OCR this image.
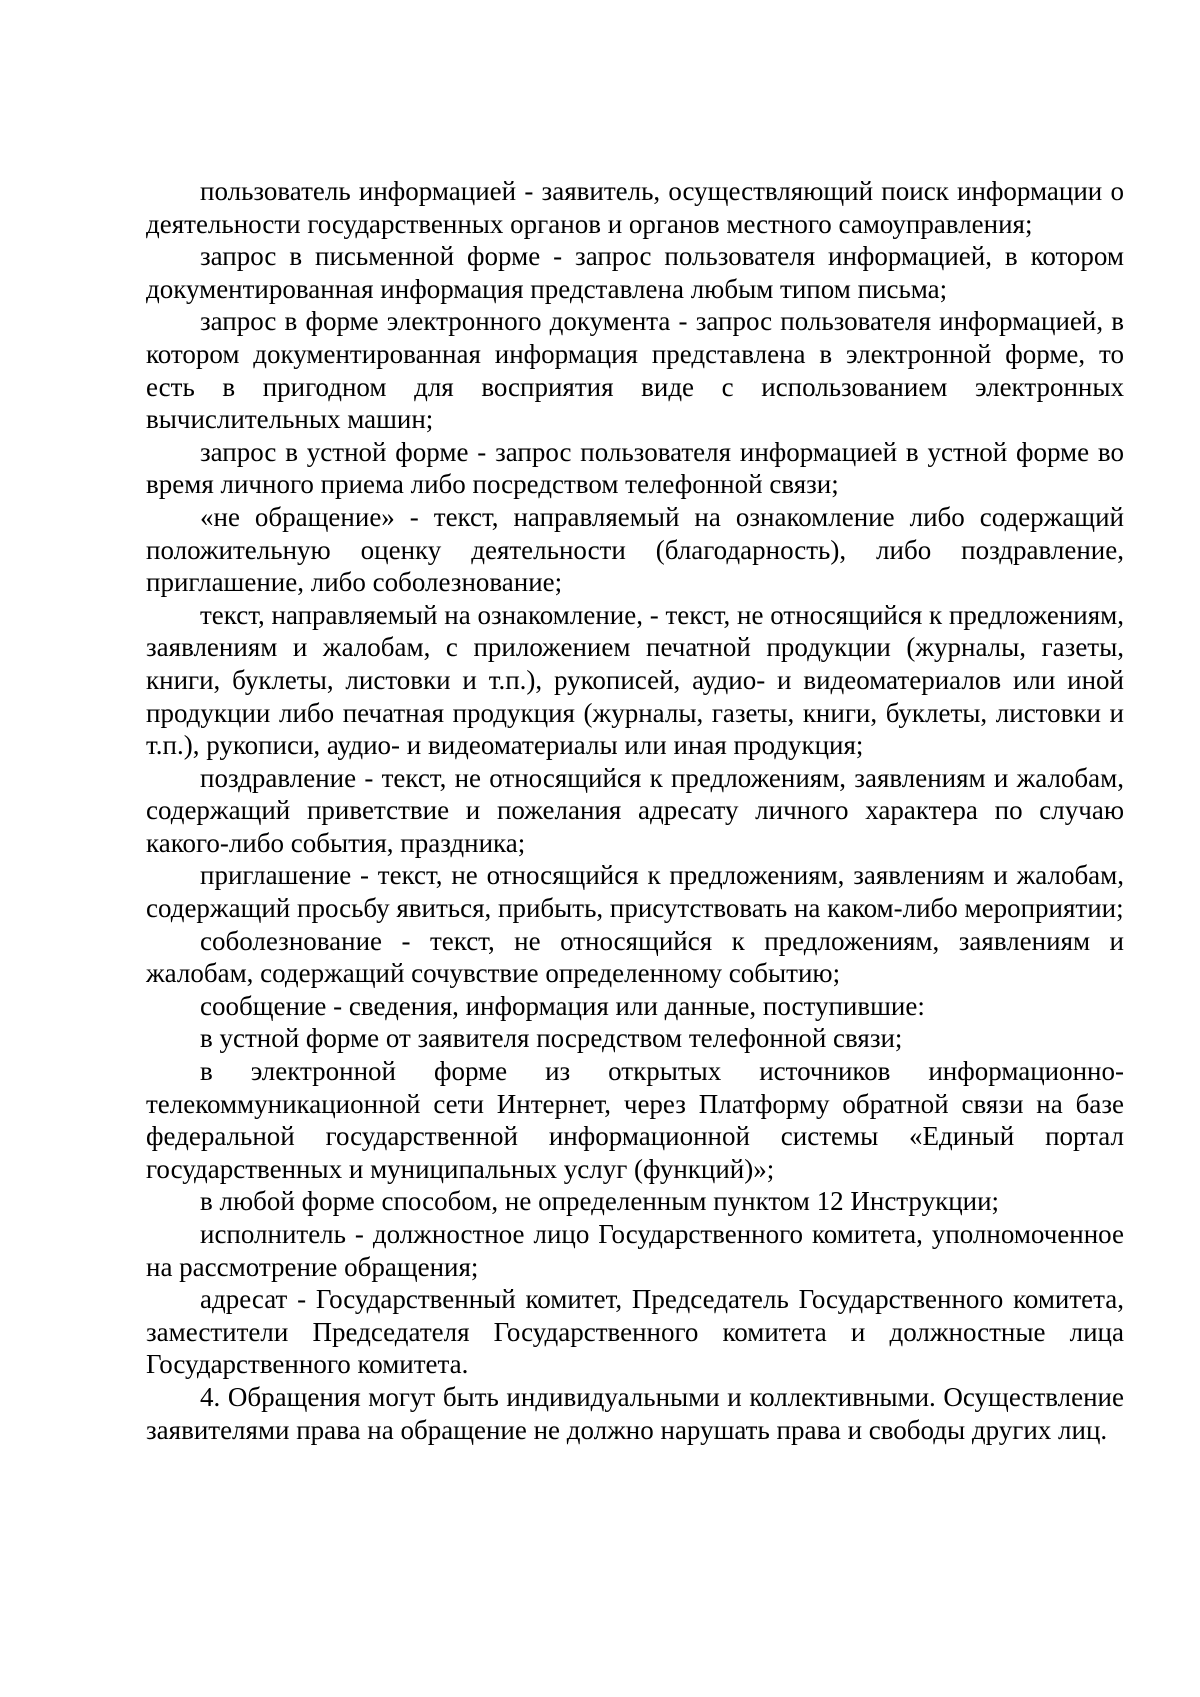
пользователь информацией - заявитель, осуществляющий поиск информации о деятельности государственных органов и органов местного самоуправления;

запрос в письменной форме - запрос пользователя информацией, в котором документированная информация представлена любым типом письма;

запрос в форме электронного документа - запрос пользователя информацией, в котором документированная информация представлена в электронной форме, то есть в пригодном для восприятия виде с использованием электронных вычислительных машин;

запрос в устной форме - запрос пользователя информацией в устной форме во время личного приема либо посредством телефонной связи;

«не обращение» - текст, направляемый на ознакомление либо содержащий положительную оценку деятельности (благодарность), либо поздравление, приглашение, либо соболезнование;

текст, направляемый на ознакомление, - текст, не относящийся к предложениям, заявлениям и жалобам, с приложением печатной продукции (журналы, газеты, книги, буклеты, листовки и т.п.), рукописей, аудио- и видеоматериалов или иной продукции либо печатная продукция (журналы, газеты, книги, буклеты, листовки и т.п.), рукописи, аудио- и видеоматериалы или иная продукция;

поздравление - текст, не относящийся к предложениям, заявлениям и жалобам, содержащий приветствие и пожелания адресату личного характера по случаю какого-либо события, праздника;

приглашение - текст, не относящийся к предложениям, заявлениям и жалобам, содержащий просьбу явиться, прибыть, присутствовать на каком-либо мероприятии;

соболезнование - текст, не относящийся к предложениям, заявлениям и жалобам, содержащий сочувствие определенному событию;

сообщение - сведения, информация или данные, поступившие:

в устной форме от заявителя посредством телефонной связи;

в электронной форме из открытых источников информационно-телекоммуникационной сети Интернет, через Платформу обратной связи на базе федеральной государственной информационной системы «Единый портал государственных и муниципальных услуг (функций)»;

в любой форме способом, не определенным пунктом 12 Инструкции;

исполнитель - должностное лицо Государственного комитета, уполномоченное на рассмотрение обращения;

адресат - Государственный комитет, Председатель Государственного комитета, заместители Председателя Государственного комитета и должностные лица Государственного комитета.

4. Обращения могут быть индивидуальными и коллективными. Осуществление заявителями права на обращение не должно нарушать права и свободы других лиц.
